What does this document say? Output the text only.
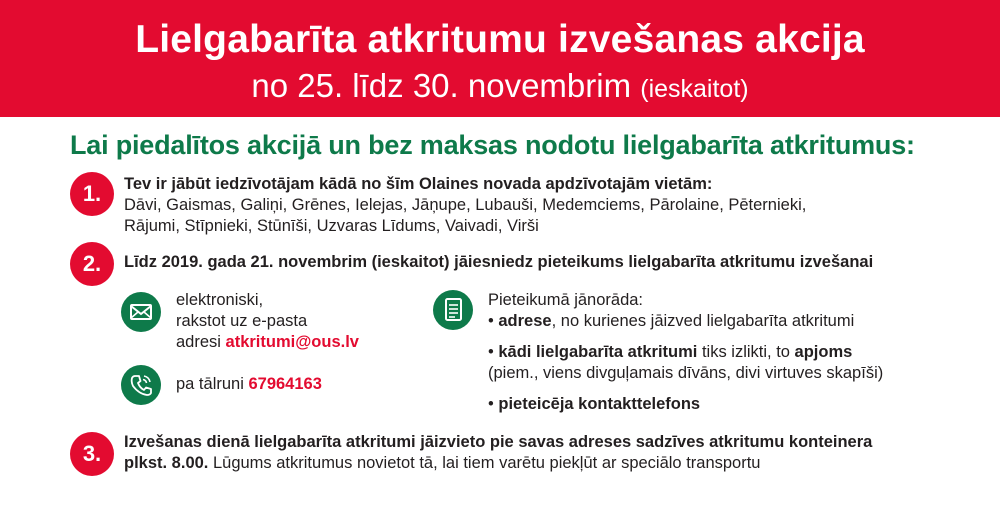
Lielgabarīta atkritumu izvešanas akcija
no 25. līdz 30. novembrim (ieskaitot)
Lai piedalītos akcijā un bez maksas nodotu lielgabarīta atkritumus:
1.	Tev ir jābūt iedzīvotājam kādā no šīm Olaines novada apdzīvotajām vietām:
Dāvi, Gaismas, Galiņi, Grēnes, Ielejas, Jāņupe, Lubauši, Medemciems, Pārolaine, Pēternieki,
Rājumi, Stīpnieki, Stūnīši, Uzvaras Līdums, Vaivadi, Virši
2.	Līdz 2019. gada 21. novembrim (ieskaitot) jāiesniedz pieteikums lielgabarīta atkritumu izvešanai
elektroniski,
rakstot uz e-pasta
adresi atkritumi@ous.lv
pa tālruni 67964163
Pieteikumā jānorāda:
• adrese, no kurienes jāizved lielgabarīta atkritumi
• kādi lielgabarīta atkritumi tiks izlikti, to apjoms
(piem., viens divguļamais dīvāns, divi virtuves skapīši)
• pieteicēja kontakttelefons
3.	Izvešanas dienā lielgabarīta atkritumi jāizvieto pie savas adreses sadzīves atkritumu konteinera
plkst. 8.00. Lūgums atkritumus novietot tā, lai tiem varētu piekļūt ar speciālo transportu
